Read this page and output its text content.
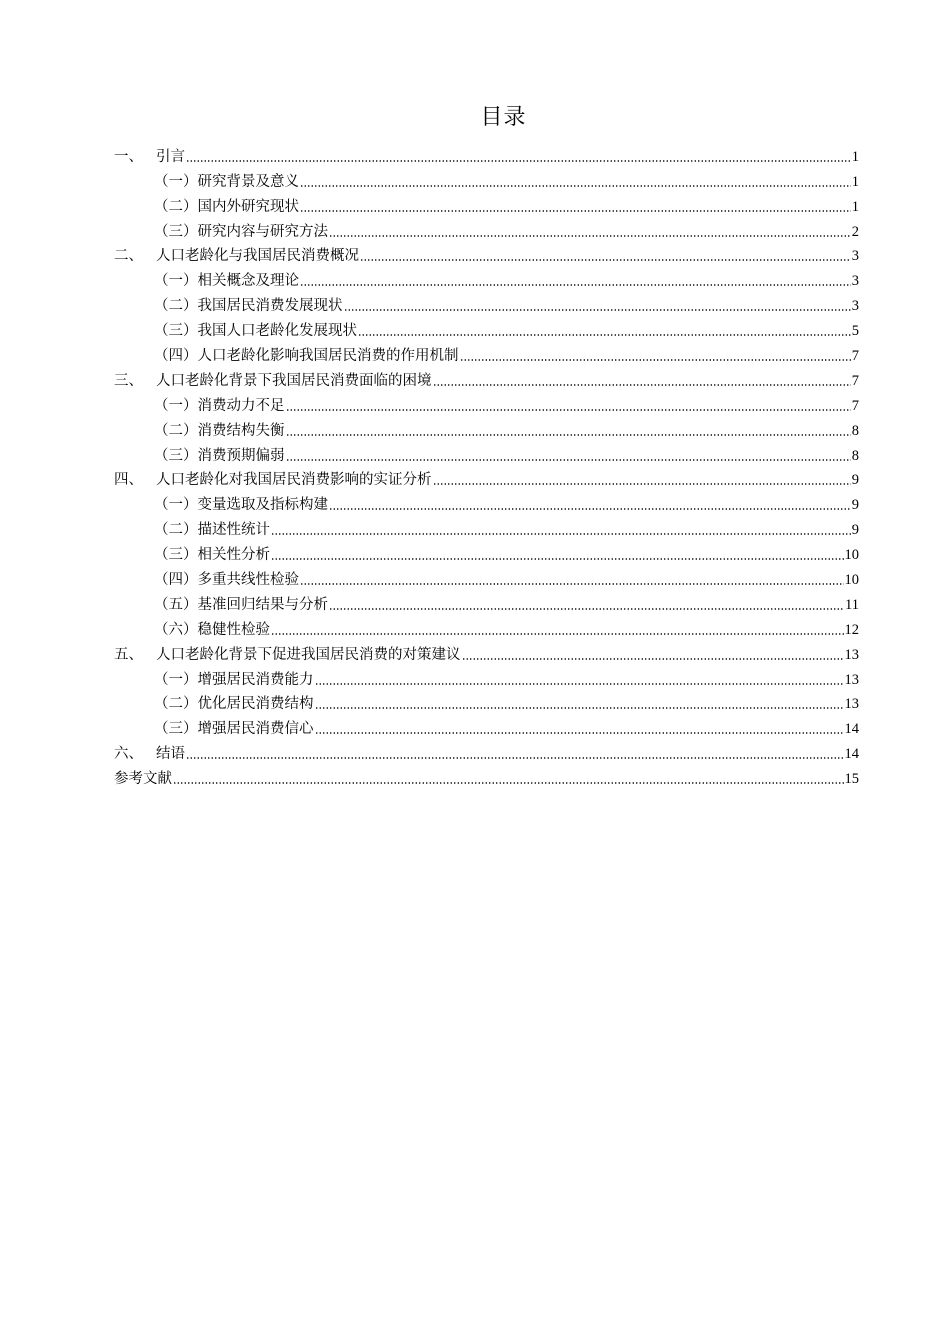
目录
一、 引言	1
（一）研究背景及意义	1
（二）国内外研究现状	1
（三）研究内容与研究方法	2
二、 人口老龄化与我国居民消费概况	3
（一）相关概念及理论	3
（二）我国居民消费发展现状	3
（三）我国人口老龄化发展现状	5
（四）人口老龄化影响我国居民消费的作用机制	7
三、 人口老龄化背景下我国居民消费面临的困境	7
（一）消费动力不足	7
（二）消费结构失衡	8
（三）消费预期偏弱	8
四、 人口老龄化对我国居民消费影响的实证分析	9
（一）变量选取及指标构建	9
（二）描述性统计	9
（三）相关性分析	10
（四）多重共线性检验	10
（五）基准回归结果与分析	11
（六）稳健性检验	12
五、 人口老龄化背景下促进我国居民消费的对策建议	13
（一）增强居民消费能力	13
（二）优化居民消费结构	13
（三）增强居民消费信心	14
六、 结语	14
参考文献	15
